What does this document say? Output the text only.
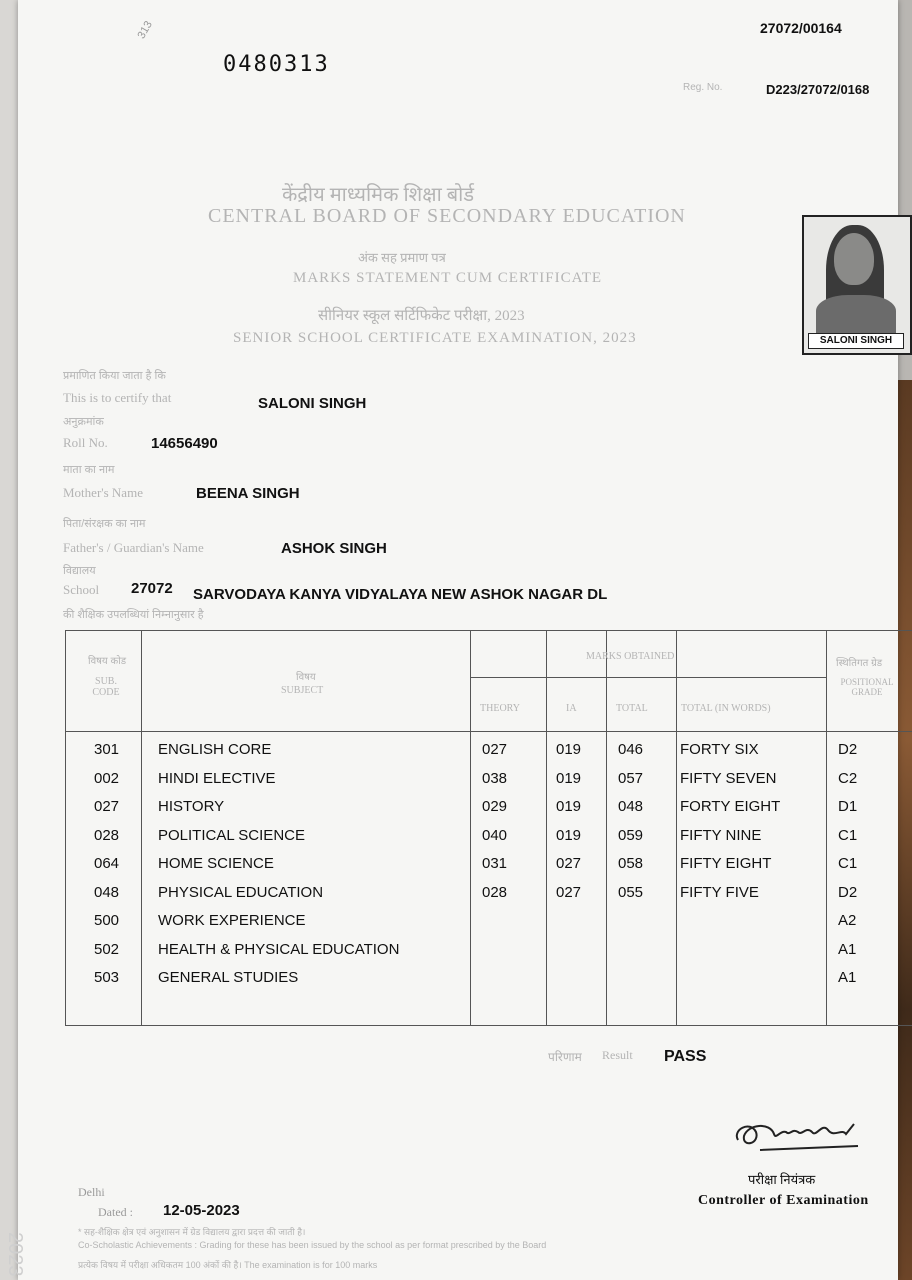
27072/00164
313
0480313
Reg. No.	D223/27072/0168
केंद्रीय माध्यमिक शिक्षा बोर्ड
CENTRAL BOARD OF SECONDARY EDUCATION
अंक सह प्रमाण पत्र
MARKS STATEMENT CUM CERTIFICATE
सीनियर स्कूल सर्टिफिकेट परीक्षा, 2023
SENIOR SCHOOL CERTIFICATE EXAMINATION, 2023	SALONI SINGH
प्रमाणित किया जाता है कि
This is to certify that	SALONI SINGH
अनुक्रमांक
Roll No.	14656490
माता का नाम
Mother's Name	BEENA SINGH
पिता/संरक्षक का नाम
Father's / Guardian's Name	ASHOK SINGH
विद्यालय
School 27072 SARVODAYA KANYA VIDYALAYA NEW ASHOK NAGAR DL
की शैक्षिक उपलब्धियां निम्नानुसार है
विषय कोड
SUB. CODE
विषय
SUBJECT
MARKS OBTAINED
THEORY	IA	TOTAL	TOTAL (IN WORDS)
स्थितिगत ग्रेड
POSITIONAL GRADE
301	ENGLISH CORE	027	019 046 FORTY SIX	D2
002	HINDI ELECTIVE	038	019 057 FIFTY SEVEN	C2
027	HISTORY	029	019 048 FORTY EIGHT	D1
028	POLITICAL SCIENCE	040	019 059 FIFTY NINE	C1
064	HOME SCIENCE	031	027 058 FIFTY EIGHT	C1
048	PHYSICAL EDUCATION	028	027 055 FIFTY FIVE	D2
500	WORK EXPERIENCE	A2
502	HEALTH & PHYSICAL EDUCATION	A1
503	GENERAL STUDIES	A1
परिणाम Result PASS
परीक्षा नियंत्रक
Controller of Examination
Delhi
Dated : 12-05-2023
* सह-शैक्षिक क्षेत्र एवं अनुशासन में ग्रेड विद्यालय द्वारा प्रदत्त की जाती है।
Co-Scholastic Achievements : Grading for these has been issued by the school as per format prescribed by the Board
प्रत्येक विषय में परीक्षा अधिकतम 100 अंकों की है। The examination is for 100 marks
2023
